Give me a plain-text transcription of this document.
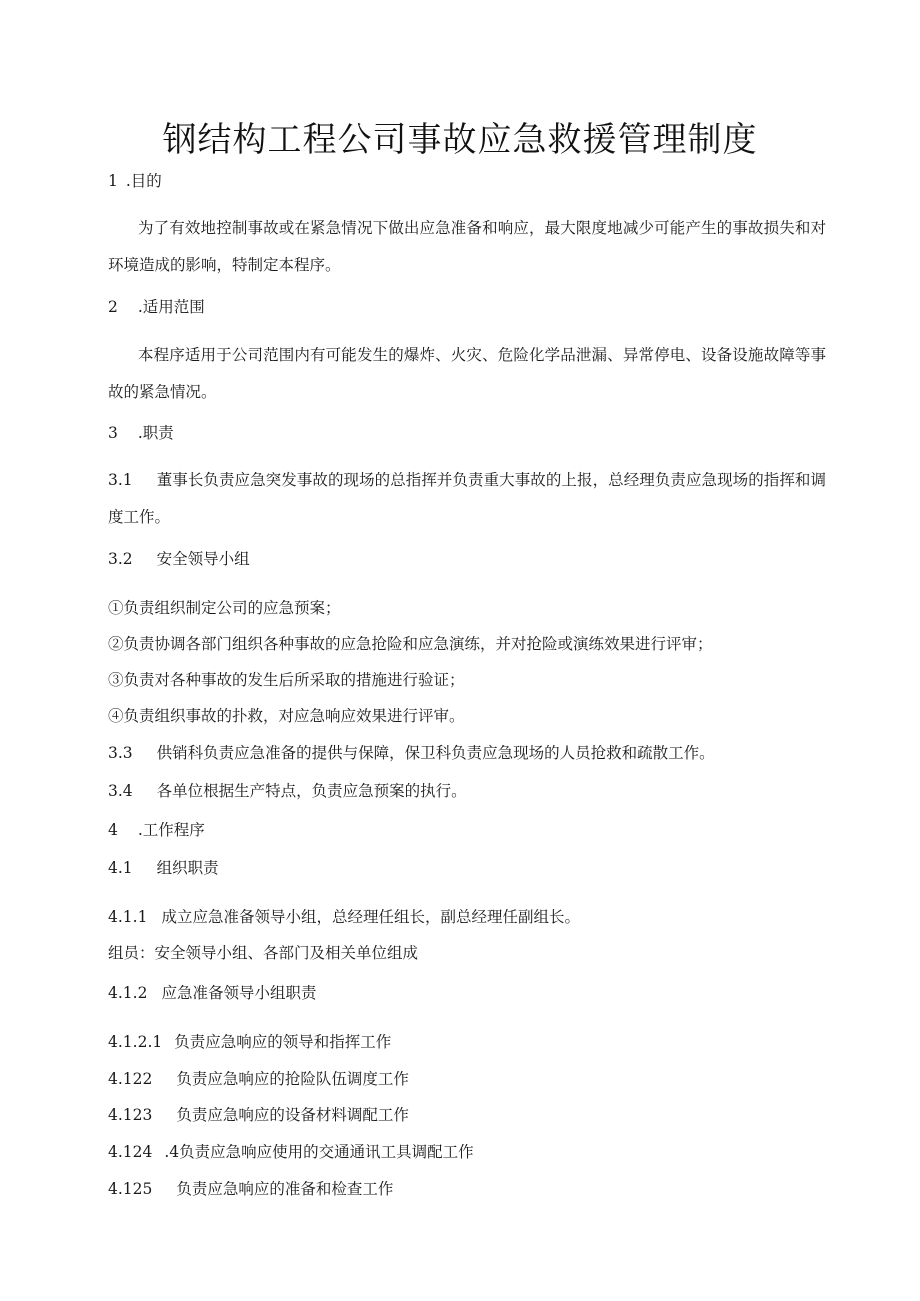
钢结构工程公司事故应急救援管理制度
1 .目的
为了有效地控制事故或在紧急情况下做出应急准备和响应，最大限度地减少可能产生的事故损失和对环境造成的影响，特制定本程序。
2 .适用范围
本程序适用于公司范围内有可能发生的爆炸、火灾、危险化学品泄漏、异常停电、设备设施故障等事故的紧急情况。
3 .职责
3.1 董事长负责应急突发事故的现场的总指挥并负责重大事故的上报，总经理负责应急现场的指挥和调度工作。
3.2 安全领导小组
①负责组织制定公司的应急预案；
②负责协调各部门组织各种事故的应急抢险和应急演练，并对抢险或演练效果进行评审；
③负责对各种事故的发生后所采取的措施进行验证；
④负责组织事故的扑救，对应急响应效果进行评审。
3.3 供销科负责应急准备的提供与保障，保卫科负责应急现场的人员抢救和疏散工作。
3.4 各单位根据生产特点，负责应急预案的执行。
4 .工作程序
4.1 组织职责
4.1.1 成立应急准备领导小组，总经理任组长，副总经理任副组长。
组员：安全领导小组、各部门及相关单位组成
4.1.2 应急准备领导小组职责
4.1.2.1 负责应急响应的领导和指挥工作
4.122 负责应急响应的抢险队伍调度工作
4.123 负责应急响应的设备材料调配工作
4.124 .4负责应急响应使用的交通通讯工具调配工作
4.125 负责应急响应的准备和检查工作
